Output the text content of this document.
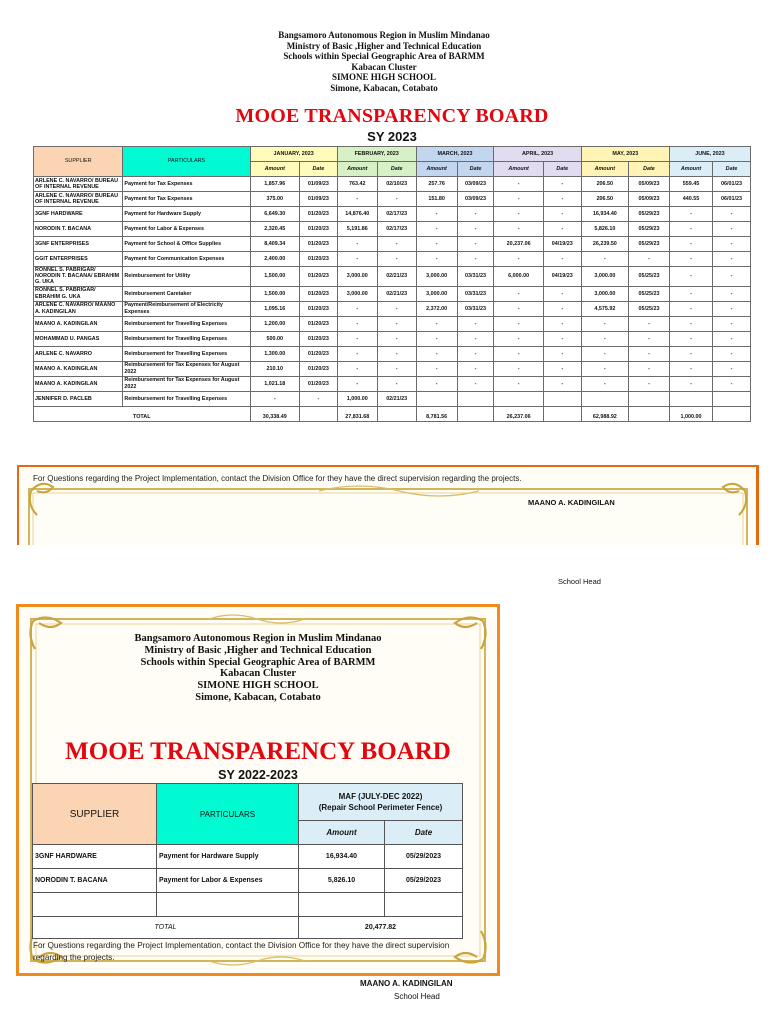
Bangsamoro Autonomous Region in Muslim Mindanao
Ministry of Basic ,Higher and Technical Education
Schools within Special Geographic Area of BARMM
Kabacan Cluster
SIMONE HIGH SCHOOL
Simone, Kabacan, Cotabato
MOOE TRANSPARENCY BOARD
SY 2023
SUPPLIER	PARTICULARS	JANUARY, 2023		FEBRUARY, 2023		MARCH, 2023		APRIL, 2023		MAY, 2023		JUNE, 2023	
		Amount	Date	Amount	Date	Amount	Date	Amount	Date	Amount	Date	Amount	Date
ARLENE C. NAVARRO/ BUREAU OF INTERNAL REVENUE	Payment for Tax Expenses	1,857.96	01/09/23	763.42	02/10/23	257.76	03/09/23	-	-	206.50	05/09/23	559.45	06/01/23
ARLENE C. NAVARRO/ BUREAU OF INTERNAL REVENUE	Payment for Tax Expenses	375.00	01/09/23	-	-	151.80	03/09/23	-	-	206.50	05/09/23	440.55	06/01/23
3GNF HARDWARE	Payment for Hardware Supply	6,649.30	01/20/23	14,876.40	02/17/23	-	-	-	-	16,934.40	05/29/23	-	-
NORODIN T. BACANA	Payment for Labor & Expenses	2,320.45	01/20/23	5,191.86	02/17/23	-	-	-	-	5,826.10	05/29/23	-	-
3GNF ENTERPRISES	Payment for School & Office Supplies	8,409.34	01/20/23	-	-	-	-	20,237.06	04/19/23	26,239.50	05/29/23	-	-
GGIT ENTERPRISES	Payment for Communication Expenses	2,400.00	01/20/23	-	-	-	-	-	-	-	-	-	-
RONNEL S. PABRIGAR/ NORODIN T. BACANA/ EBRAHIM G. UKA	Reimbursement for Utility	1,500.00	01/20/23	3,000.00	02/21/23	3,000.00	03/31/23	6,000.00	04/19/23	3,000.00	05/25/23	-	-
RONNEL S. PABRIGAR/ EBRAHIM G. UKA	Reimbursement Caretaker	1,500.00	01/20/23	3,000.00	02/21/23	3,000.00	03/31/23	-	-	3,000.00	05/25/23	-	-
ARLENE C. NAVARRO/ MAANO A. KADINGILAN	Payment/Reimbursement of Electricity Expenses	1,095.16	01/20/23	-	-	2,372.00	03/31/23	-	-	4,575.92	05/25/23	-	-
MAANO A. KADINGILAN	Reimbursement for Travelling Expenses	1,200.00	01/20/23	-	-	-	-	-	-	-	-	-	-
MOHAMMAD U. PANGAS	Reimbursement for Travelling Expenses	500.00	01/20/23	-	-	-	-	-	-	-	-	-	-
ARLENE C. NAVARRO	Reimbursement for Travelling Expenses	1,300.00	01/20/23	-	-	-	-	-	-	-	-	-	-
MAANO A. KADINGILAN	Reimbursement for Tax Expenses for August 2022	210.10	01/20/23	-	-	-	-	-	-	-	-	-	-
MAANO A. KADINGILAN	Reimbursement for Tax Expenses for August 2022	1,021.18	01/20/23	-	-	-	-	-	-	-	-	-	-
JENNIFER D. PACLEB	Reimbursement for Travelling Expenses	-	-	1,000.00	02/21/23								
TOTAL		30,338.49		27,831.68		8,781.56		26,237.06		62,988.92		1,000.00	
For Questions regarding the Project Implementation, contact the Division Office for they have the direct supervision regarding the projects.
MAANO A. KADINGILAN
School Head
Bangsamoro Autonomous Region in Muslim Mindanao
Ministry of Basic ,Higher and Technical Education
Schools within Special Geographic Area of BARMM
Kabacan Cluster
SIMONE HIGH SCHOOL
Simone, Kabacan, Cotabato
MOOE TRANSPARENCY BOARD
SY 2022-2023
SUPPLIER	PARTICULARS	MAF (JULY-DEC 2022)
(Repair School Perimeter Fence)	

		Amount	Date
3GNF HARDWARE	Payment for Hardware Supply	16,934.40	05/29/2023
NORODIN T. BACANA	Payment for Labor & Expenses	5,826.10	05/29/2023

TOTAL		20,477.82	
For Questions regarding the Project Implementation, contact the Division Office for they have the direct supervision regarding the projects.
MAANO A. KADINGILAN
School Head
